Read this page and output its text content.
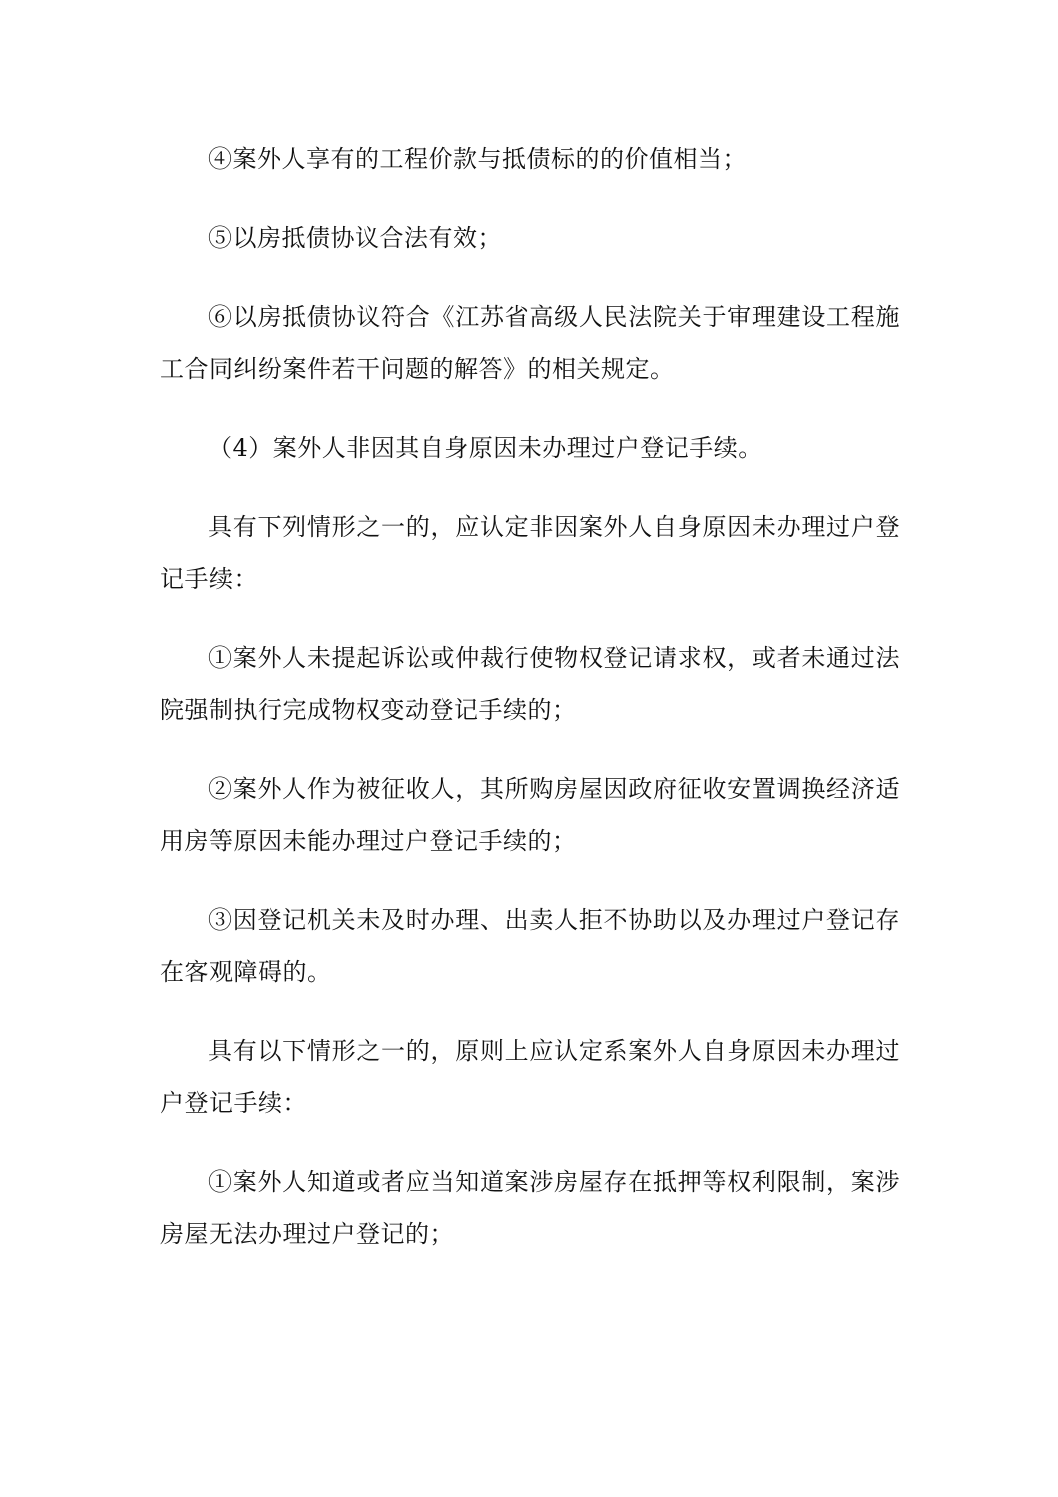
④案外人享有的工程价款与抵债标的的价值相当；

⑤以房抵债协议合法有效；

⑥以房抵债协议符合《江苏省高级人民法院关于审理建设工程施工合同纠纷案件若干问题的解答》的相关规定。

（4）案外人非因其自身原因未办理过户登记手续。

具有下列情形之一的，应认定非因案外人自身原因未办理过户登记手续：

①案外人未提起诉讼或仲裁行使物权登记请求权，或者未通过法院强制执行完成物权变动登记手续的；

②案外人作为被征收人，其所购房屋因政府征收安置调换经济适用房等原因未能办理过户登记手续的；

③因登记机关未及时办理、出卖人拒不协助以及办理过户登记存在客观障碍的。

具有以下情形之一的，原则上应认定系案外人自身原因未办理过户登记手续：

①案外人知道或者应当知道案涉房屋存在抵押等权利限制，案涉房屋无法办理过户登记的；
